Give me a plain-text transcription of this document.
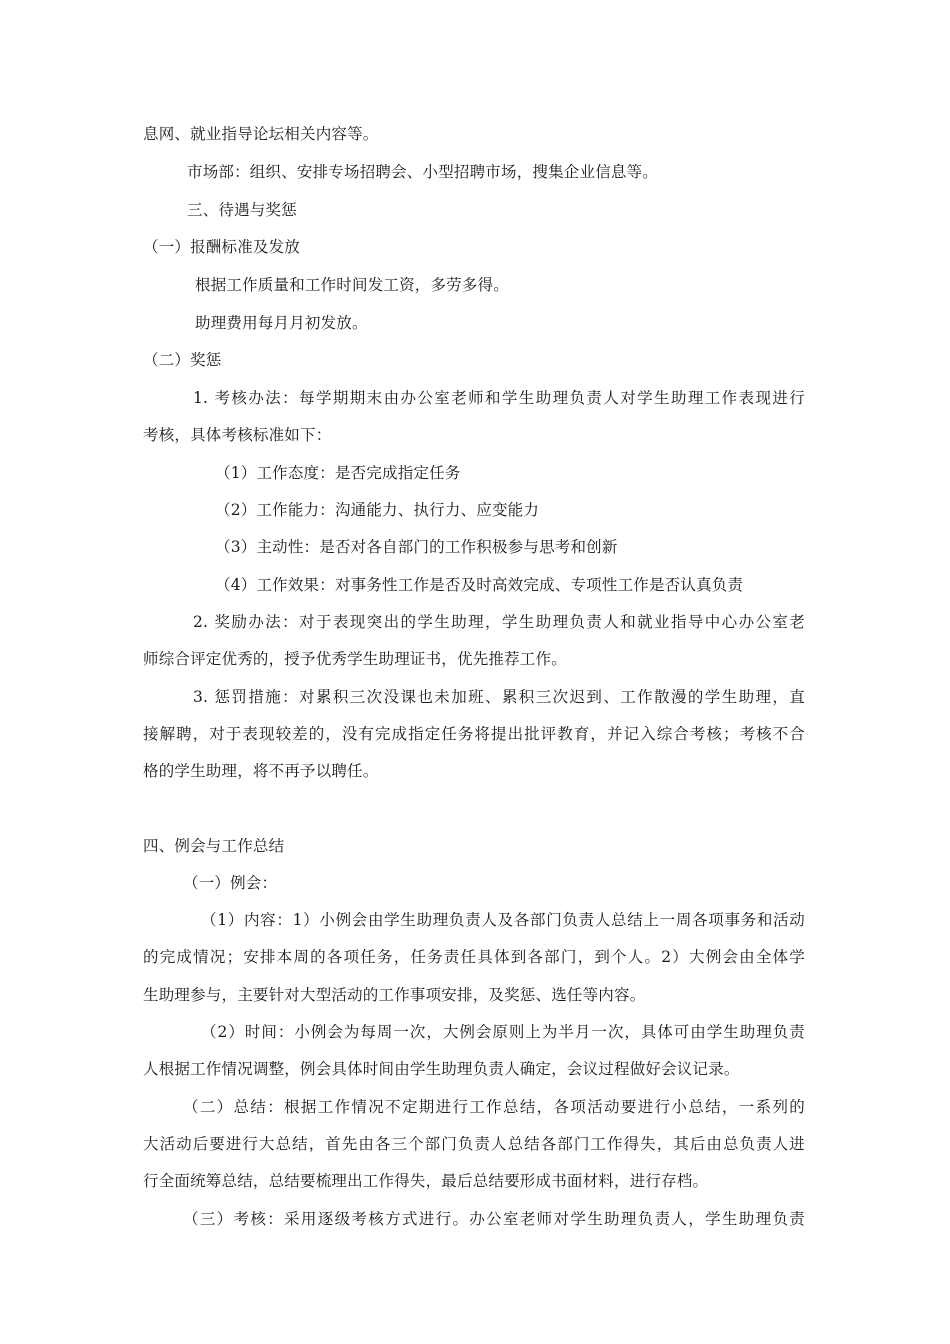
息网、就业指导论坛相关内容等。
市场部：组织、安排专场招聘会、小型招聘市场，搜集企业信息等。
三、待遇与奖惩
（一）报酬标准及发放
根据工作质量和工作时间发工资，多劳多得。
助理费用每月月初发放。
（二）奖惩
1. 考核办法：每学期期末由办公室老师和学生助理负责人对学生助理工作表现进行
考核，具体考核标准如下：
（1）工作态度：是否完成指定任务
（2）工作能力：沟通能力、执行力、应变能力
（3）主动性：是否对各自部门的工作积极参与思考和创新
（4）工作效果：对事务性工作是否及时高效完成、专项性工作是否认真负责
2. 奖励办法：对于表现突出的学生助理，学生助理负责人和就业指导中心办公室老
师综合评定优秀的，授予优秀学生助理证书，优先推荐工作。
3. 惩罚措施：对累积三次没课也未加班、累积三次迟到、工作散漫的学生助理，直
接解聘，对于表现较差的，没有完成指定任务将提出批评教育，并记入综合考核；考核不合
格的学生助理，将不再予以聘任。
四、例会与工作总结
（一）例会：
（1）内容：1）小例会由学生助理负责人及各部门负责人总结上一周各项事务和活动
的完成情况；安排本周的各项任务，任务责任具体到各部门，到个人。2）大例会由全体学
生助理参与，主要针对大型活动的工作事项安排，及奖惩、选任等内容。
（2）时间：小例会为每周一次，大例会原则上为半月一次，具体可由学生助理负责
人根据工作情况调整，例会具体时间由学生助理负责人确定，会议过程做好会议记录。
（二）总结：根据工作情况不定期进行工作总结，各项活动要进行小总结，一系列的
大活动后要进行大总结，首先由各三个部门负责人总结各部门工作得失，其后由总负责人进
行全面统筹总结，总结要梳理出工作得失，最后总结要形成书面材料，进行存档。
（三）考核：采用逐级考核方式进行。办公室老师对学生助理负责人，学生助理负责
